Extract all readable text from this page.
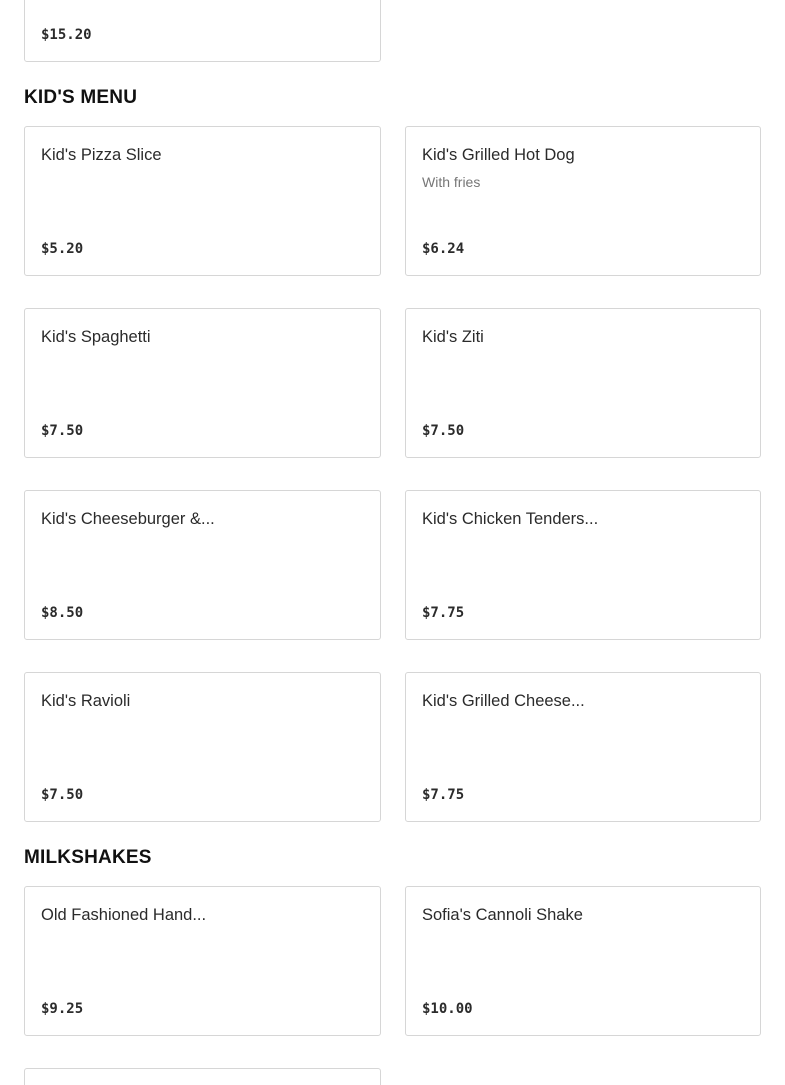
$15.20
KID'S MENU
Kid's Pizza Slice
$5.20
Kid's Grilled Hot Dog
With fries
$6.24
Kid's Spaghetti
$7.50
Kid's Ziti
$7.50
Kid's Cheeseburger &...
$8.50
Kid's Chicken Tenders...
$7.75
Kid's Ravioli
$7.50
Kid's Grilled Cheese...
$7.75
MILKSHAKES
Old Fashioned Hand...
$9.25
Sofia's Cannoli Shake
$10.00
